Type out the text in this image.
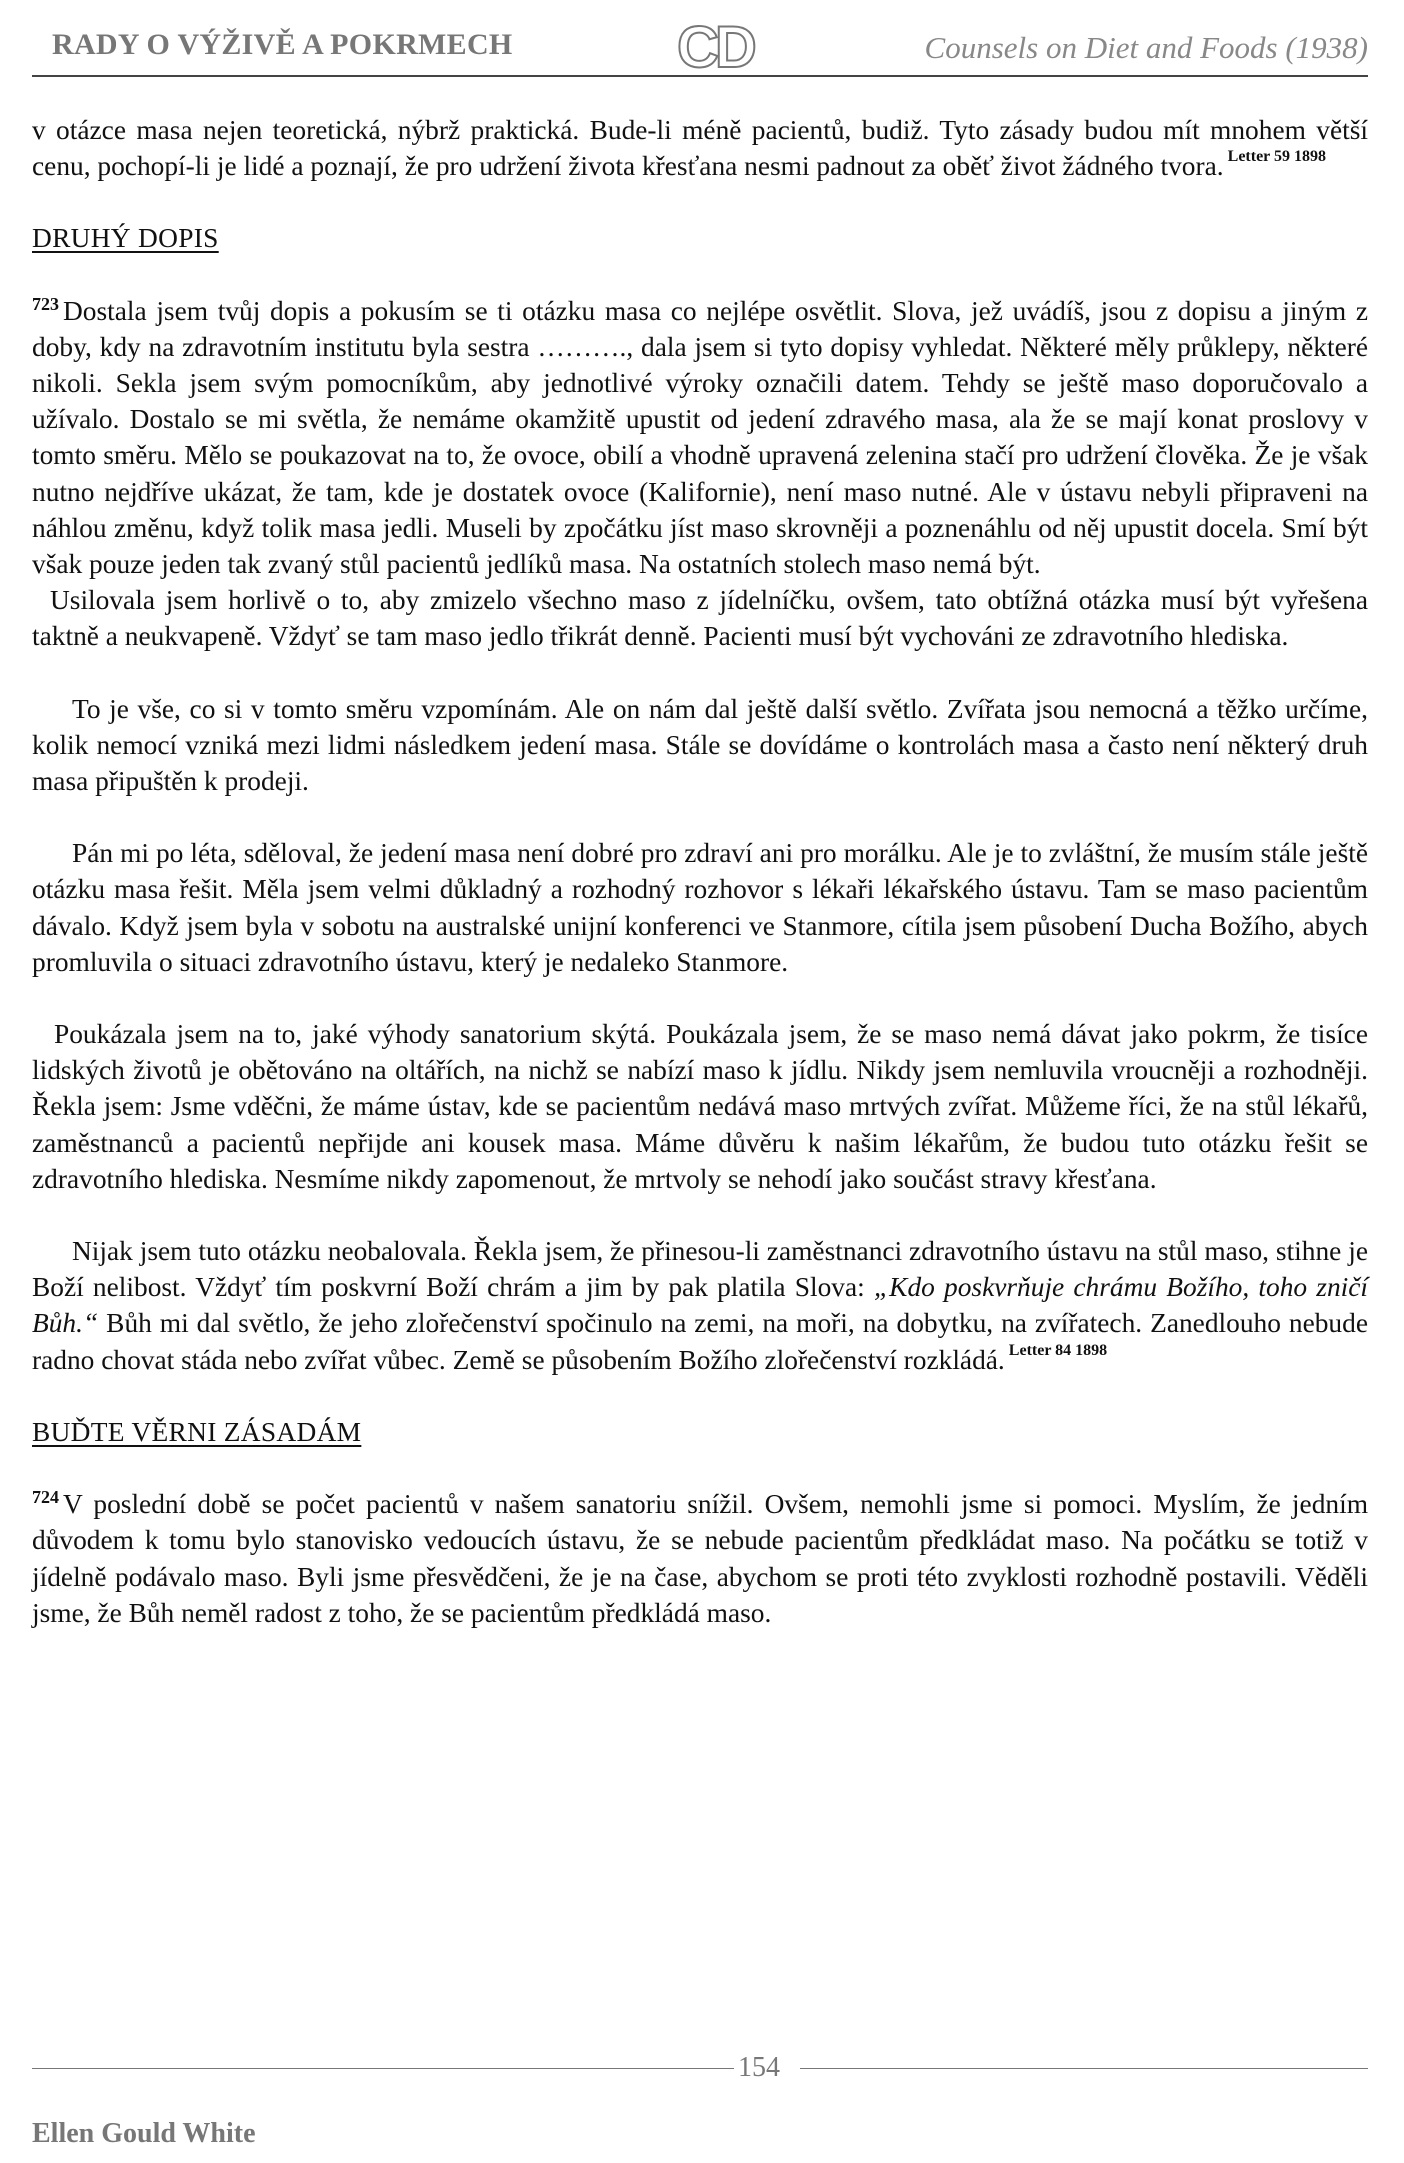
RADY O VÝŽIVĚ A POKRMECH	CD	Counsels on Diet and Foods (1938)

v otázce masa nejen teoretická, nýbrž praktická. Bude-li méně pacientů, budiž. Tyto zásady budou mít mnohem větší cenu, pochopí-li je lidé a poznají, že pro udržení života křesťana nesmi padnout za oběť život žádného tvora. $^{Letter 59 1898}$

DRUHÝ DOPIS

$^{723}$ Dostala jsem tvůj dopis a pokusím se ti otázku masa co nejlépe osvětlit. Slova, jež uvádíš, jsou z dopisu a jiným z doby, kdy na zdravotním institutu byla sestra ………., dala jsem si tyto dopisy vyhledat. Některé měly průklepy, některé nikoli. Sekla jsem svým pomocníkům, aby jednotlivé výroky označili datem. Tehdy se ještě maso doporučovalo a užívalo. Dostalo se mi světla, že nemáme okamžitě upustit od jedení zdravého masa, ala že se mají konat proslovy v tomto směru. Mělo se poukazovat na to, že ovoce, obilí a vhodně upravená zelenina stačí pro udržení člověka. Že je však nutno nejdříve ukázat, že tam, kde je dostatek ovoce (Kalifornie), není maso nutné. Ale v ústavu nebyli připraveni na náhlou změnu, když tolik masa jedli. Museli by zpočátku jíst maso skrovněji a poznenáhlu od něj upustit docela. Smí být však pouze jeden tak zvaný stůl pacientů jedlíků masa. Na ostatních stolech maso nemá být.

Usilovala jsem horlivě o to, aby zmizelo všechno maso z jídelníčku, ovšem, tato obtížná otázka musí být vyřešena taktně a neukvapeně. Vždyť se tam maso jedlo třikrát denně. Pacienti musí být vychováni ze zdravotního hlediska.

To je vše, co si v tomto směru vzpomínám. Ale on nám dal ještě další světlo. Zvířata jsou nemocná a těžko určíme, kolik nemocí vzniká mezi lidmi následkem jedení masa. Stále se dovídáme o kontrolách masa a často není některý druh masa připuštěn k prodeji.

Pán mi po léta, sděloval, že jedení masa není dobré pro zdraví ani pro morálku. Ale je to zvláštní, že musím stále ještě otázku masa řešit. Měla jsem velmi důkladný a rozhodný rozhovor s lékaři lékařského ústavu. Tam se maso pacientům dávalo. Když jsem byla v sobotu na australské unijní konferenci ve Stanmore, cítila jsem působení Ducha Božího, abych promluvila o situaci zdravotního ústavu, který je nedaleko Stanmore.

Poukázala jsem na to, jaké výhody sanatorium skýtá. Poukázala jsem, že se maso nemá dávat jako pokrm, že tisíce lidských životů je obětováno na oltářích, na nichž se nabízí maso k jídlu. Nikdy jsem nemluvila vroucněji a rozhodněji. Řekla jsem: Jsme vděčni, že máme ústav, kde se pacientům nedává maso mrtvých zvířat. Můžeme říci, že na stůl lékařů, zaměstnanců a pacientů nepřijde ani kousek masa. Máme důvěru k našim lékařům, že budou tuto otázku řešit se zdravotního hlediska. Nesmíme nikdy zapomenout, že mrtvoly se nehodí jako součást stravy křesťana.

Nijak jsem tuto otázku neobalovala. Řekla jsem, že přinesou-li zaměstnanci zdravotního ústavu na stůl maso, stihne je Boží nelibost. Vždyť tím poskvrní Boží chrám a jim by pak platila Slova: „Kdo poskvrňuje chrámu Božího, toho zničí Bůh.“ Bůh mi dal světlo, že jeho zlořečenství spočinulo na zemi, na moři, na dobytku, na zvířatech. Zanedlouho nebude radno chovat stáda nebo zvířat vůbec. Země se působením Božího zlořečenství rozkládá. $^{Letter 84 1898}$

BUĎTE VĚRNI ZÁSADÁM

$^{724}$ V poslední době se počet pacientů v našem sanatoriu snížil. Ovšem, nemohli jsme si pomoci. Myslím, že jedním důvodem k tomu bylo stanovisko vedoucích ústavu, že se nebude pacientům předkládat maso. Na počátku se totiž v jídelně podávalo maso. Byli jsme přesvědčeni, že je na čase, abychom se proti této zvyklosti rozhodně postavili. Věděli jsme, že Bůh neměl radost z toho, že se pacientům předkládá maso.

154
Ellen Gould White
